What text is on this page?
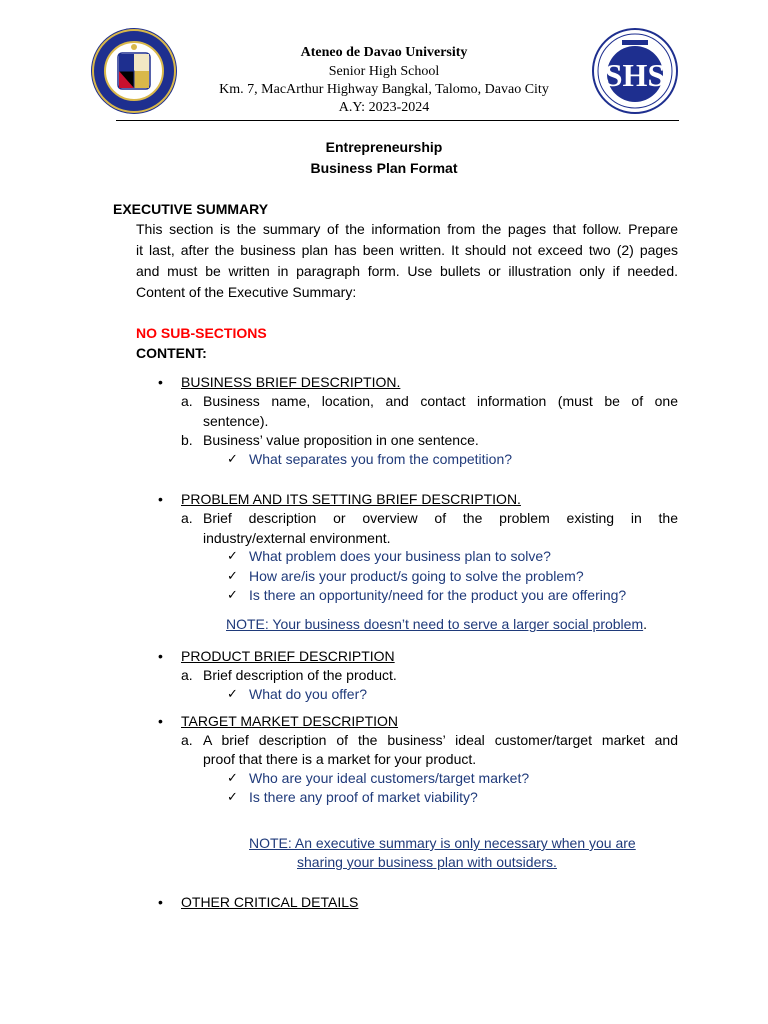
SHS
Ateneo de Davao University
Senior High School
Km. 7, MacArthur Highway Bangkal, Talomo, Davao City
A.Y: 2023-2024
Entrepreneurship
Business Plan Format
EXECUTIVE SUMMARY
This section is the summary of the information from the pages that follow. Prepare
it last, after the business plan has been written. It should not exceed two (2) pages
and must be written in paragraph form. Use bullets or illustration only if needed.
Content of the Executive Summary:
NO SUB-SECTIONS
CONTENT:
• BUSINESS BRIEF DESCRIPTION.
a. Business name, location, and contact information (must be of one
sentence).
b. Business’ value proposition in one sentence.
✓ What separates you from the competition?
• PROBLEM AND ITS SETTING BRIEF DESCRIPTION.
a. Brief description or overview of the problem existing in the
industry/external environment.
✓ What problem does your business plan to solve?
✓ How are/is your product/s going to solve the problem?
✓ Is there an opportunity/need for the product you are offering?
NOTE: Your business doesn’t need to serve a larger social problem.
• PRODUCT BRIEF DESCRIPTION
a. Brief description of the product.
✓ What do you offer?
• TARGET MARKET DESCRIPTION
a. A brief description of the business’ ideal customer/target market and
proof that there is a market for your product.
✓ Who are your ideal customers/target market?
✓ Is there any proof of market viability?
NOTE: An executive summary is only necessary when you are
sharing your business plan with outsiders.
• OTHER CRITICAL DETAILS
